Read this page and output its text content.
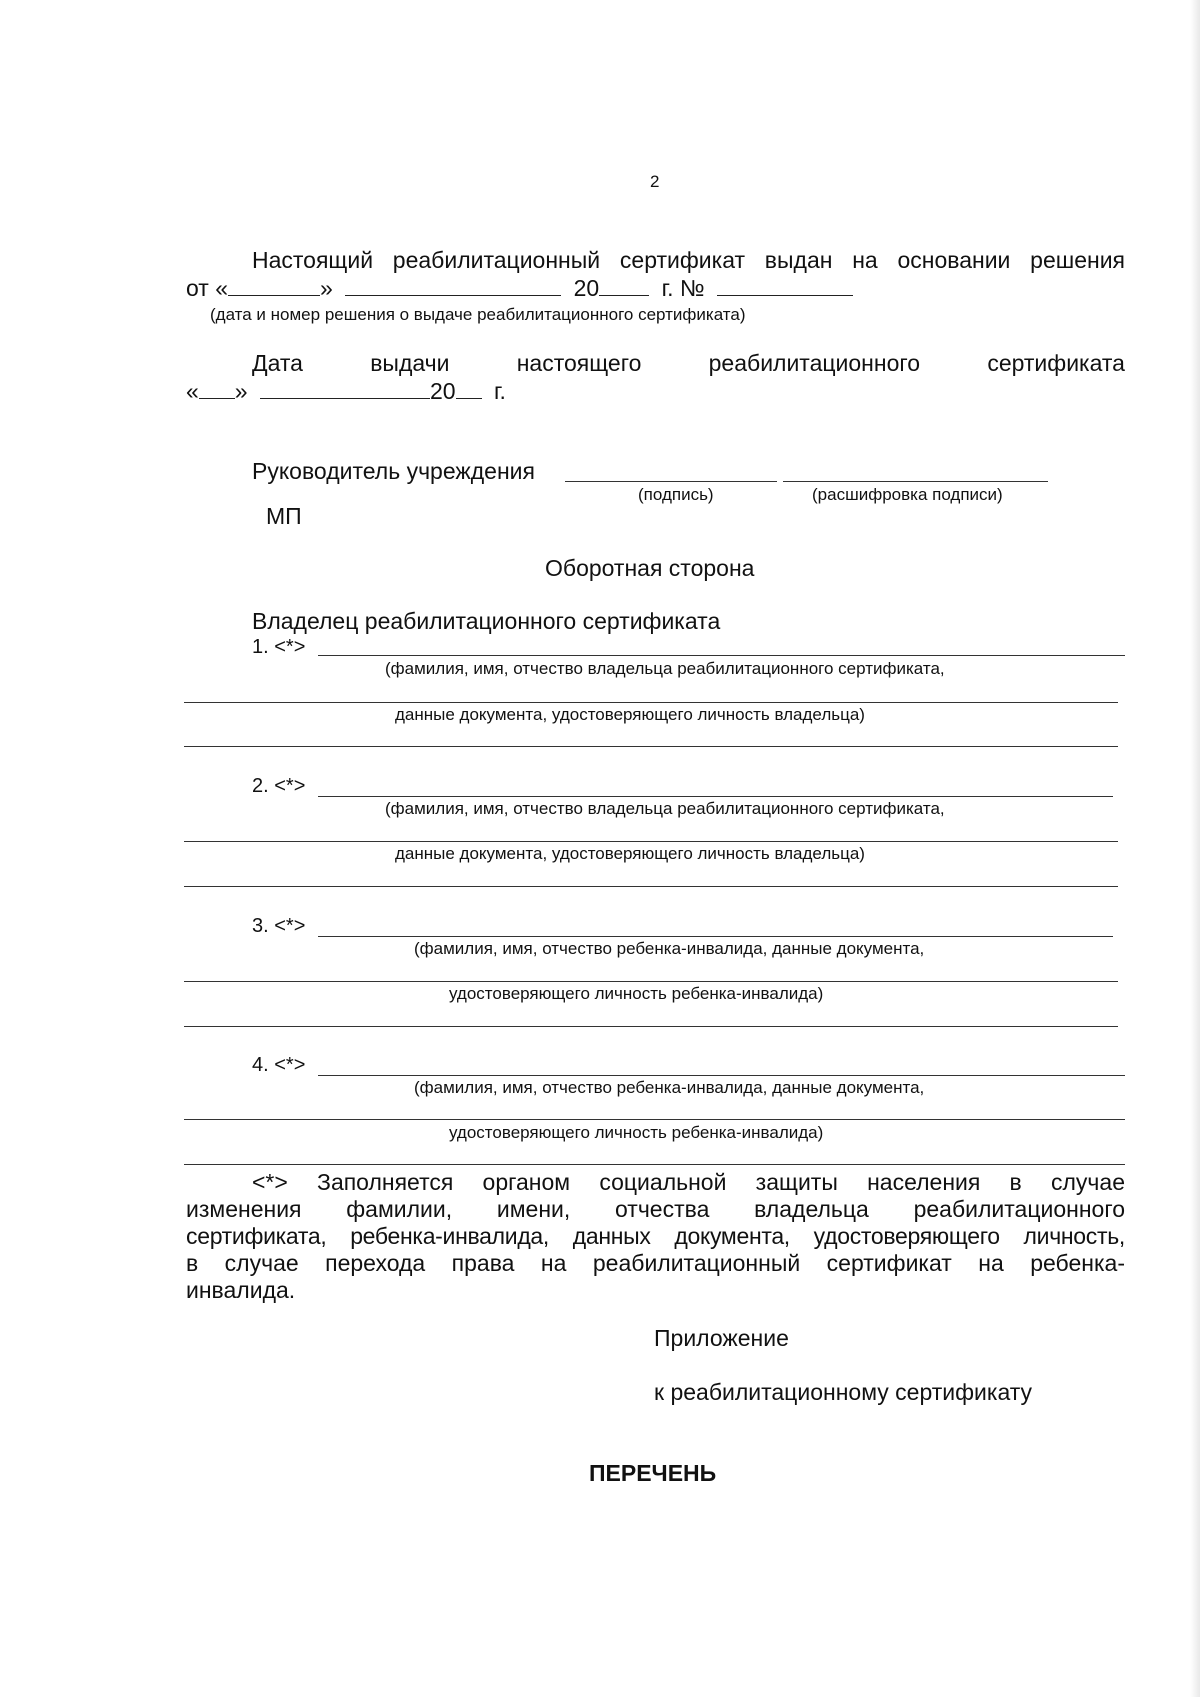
2
Настоящий реабилитационный сертификат выдан на основании решения
от «	»	20	г. №
(дата и номер решения о выдаче реабилитационного сертификата)
Дата	выдачи	настоящего	реабилитационного	сертификата
« »	20 г.
Руководитель учреждения
(подпись)	(расшифровка подписи)
МП
Оборотная сторона
Владелец реабилитационного сертификата
1. <*>
(фамилия, имя, отчество владельца реабилитационного сертификата,
данные документа, удостоверяющего личность владельца)
2. <*>
(фамилия, имя, отчество владельца реабилитационного сертификата,
данные документа, удостоверяющего личность владельца)
3. <*>
(фамилия, имя, отчество ребенка-инвалида, данные документа,
удостоверяющего личность ребенка-инвалида)
4. <*>
(фамилия, имя, отчество ребенка-инвалида, данные документа,
удостоверяющего личность ребенка-инвалида)
<*> Заполняется органом социальной защиты населения в случае
изменения фамилии, имени, отчества владельца реабилитационного
сертификата, ребенка-инвалида, данных документа, удостоверяющего личность,
в случае перехода права на реабилитационный сертификат на ребенка-
инвалида.
Приложение
к реабилитационному сертификату
ПЕРЕЧЕНЬ
